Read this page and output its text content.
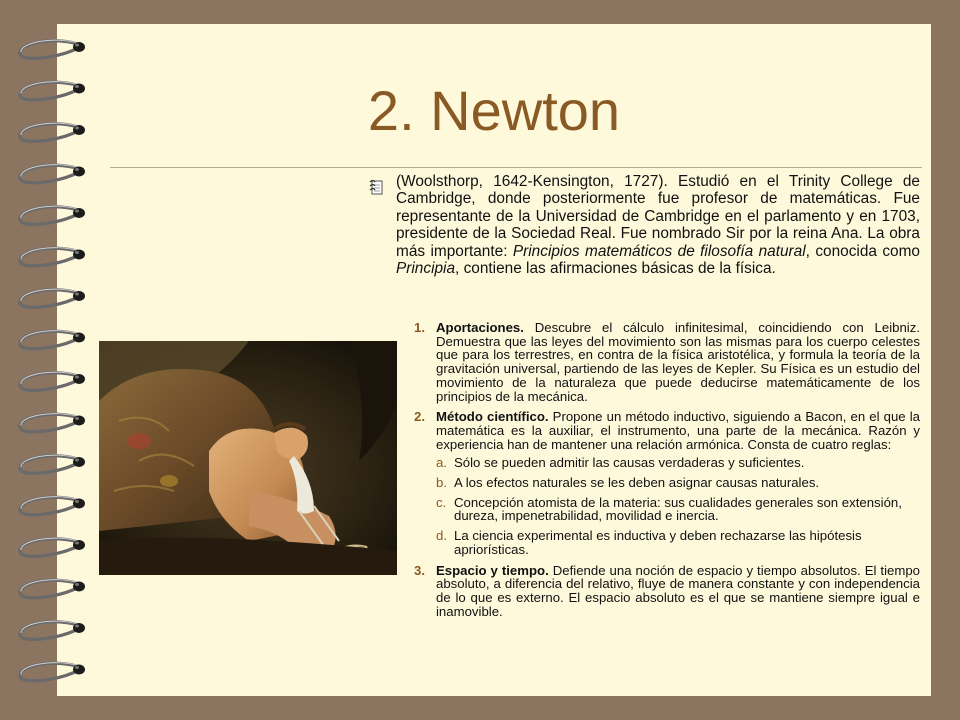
2. Newton

(Woolsthorp, 1642-Kensington, 1727). Estudió en el Trinity College de Cambridge, donde posteriormente fue profesor de matemáticas. Fue representante de la Universidad de Cambridge en el parlamento y en 1703, presidente de la Sociedad Real. Fue nombrado Sir por la reina Ana. La obra más importante: Principios matemáticos de filosofía natural, conocida como Principia, contiene las afirmaciones básicas de la física.

1. Aportaciones. Descubre el cálculo infinitesimal, coincidiendo con Leibniz. Demuestra que las leyes del movimiento son las mismas para los cuerpo celestes que para los terrestres, en contra de la física aristotélica, y formula la teoría de la gravitación universal, partiendo de las leyes de Kepler. Su Física es un estudio del movimiento de la naturaleza que puede deducirse matemáticamente de los principios de la mecánica.
2. Método científico. Propone un método inductivo, siguiendo a Bacon, en el que la matemática es la auxiliar, el instrumento, una parte de la mecánica. Razón y experiencia han de mantener una relación armónica. Consta de cuatro reglas:
a. Sólo se pueden admitir las causas verdaderas y suficientes.
b. A los efectos naturales se les deben asignar causas naturales.
c. Concepción atomista de la materia: sus cualidades generales son extensión, dureza, impenetrabilidad, movilidad e inercia.
d. La ciencia experimental es inductiva y deben rechazarse las hipótesis apriorísticas.
3. Espacio y tiempo. Defiende una noción de espacio y tiempo absolutos. El tiempo absoluto, a diferencia del relativo, fluye de manera constante y con independencia de lo que es externo. El espacio absoluto es el que se mantiene siempre igual e inamovible.
